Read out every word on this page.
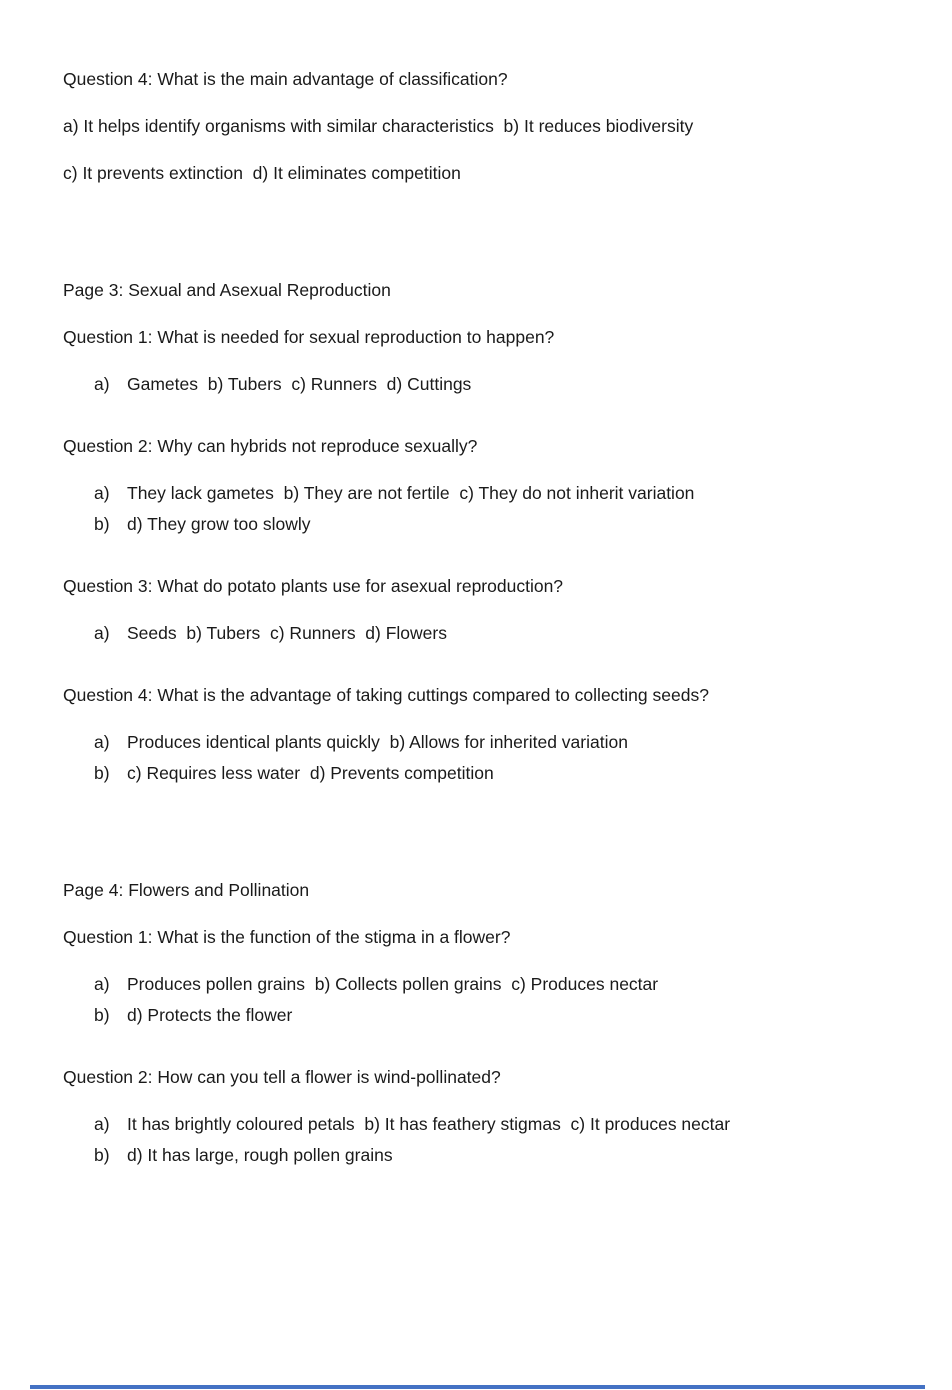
Question 4: What is the main advantage of classification?

a) It helps identify organisms with similar characteristics  b) It reduces biodiversity

c) It prevents extinction  d) It eliminates competition

Page 3: Sexual and Asexual Reproduction

Question 1: What is needed for sexual reproduction to happen?

a) Gametes  b) Tubers  c) Runners  d) Cuttings

Question 2: Why can hybrids not reproduce sexually?

a) They lack gametes  b) They are not fertile  c) They do not inherit variation
b) d) They grow too slowly

Question 3: What do potato plants use for asexual reproduction?

a) Seeds  b) Tubers  c) Runners  d) Flowers

Question 4: What is the advantage of taking cuttings compared to collecting seeds?

a) Produces identical plants quickly  b) Allows for inherited variation
b) c) Requires less water  d) Prevents competition

Page 4: Flowers and Pollination

Question 1: What is the function of the stigma in a flower?

a) Produces pollen grains  b) Collects pollen grains  c) Produces nectar
b) d) Protects the flower

Question 2: How can you tell a flower is wind-pollinated?

a) It has brightly coloured petals  b) It has feathery stigmas  c) It produces nectar
b) d) It has large, rough pollen grains
